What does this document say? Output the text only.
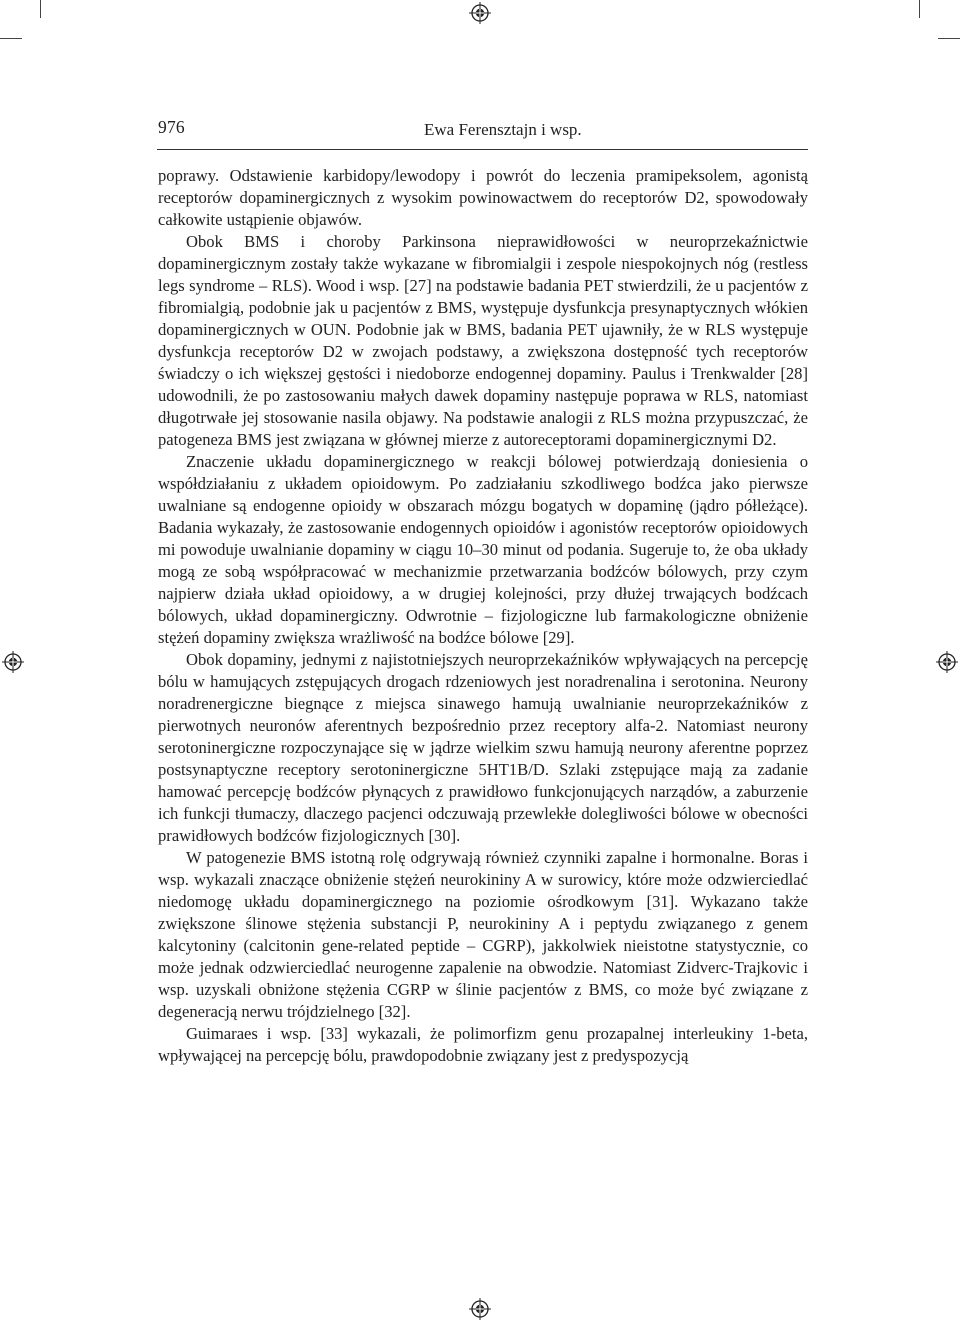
976	Ewa Ferensztajn i wsp.

poprawy. Odstawienie karbidopy/lewodopy i powrót do leczenia pramipeksolem, agonistą receptorów dopaminergicznych z wysokim powinowactwem do receptorów D2, spowodowały całkowite ustąpienie objawów.

Obok BMS i choroby Parkinsona nieprawidłowości w neuroprzekaźnictwie dopaminergicznym zostały także wykazane w fibromialgii i zespole niespokojnych nóg (restless legs syndrome – RLS). Wood i wsp. [27] na podstawie badania PET stwierdzili, że u pacjentów z fibromialgią, podobnie jak u pacjentów z BMS, występuje dysfunkcja presynaptycznych włókien dopaminergicznych w OUN. Podobnie jak w BMS, badania PET ujawniły, że w RLS występuje dysfunkcja receptorów D2 w zwojach podstawy, a zwiększona dostępność tych receptorów świadczy o ich większej gęstości i niedoborze endogennej dopaminy. Paulus i Trenkwalder [28] udowodnili, że po zastosowaniu małych dawek dopaminy następuje poprawa w RLS, natomiast długotrwałe jej stosowanie nasila objawy. Na podstawie analogii z RLS można przypuszczać, że patogeneza BMS jest związana w głównej mierze z autoreceptorami dopaminergicznymi D2.

Znaczenie układu dopaminergicznego w reakcji bólowej potwierdzają doniesienia o współdziałaniu z układem opioidowym. Po zadziałaniu szkodliwego bodźca jako pierwsze uwalniane są endogenne opioidy w obszarach mózgu bogatych w dopaminę (jądro półleżące). Badania wykazały, że zastosowanie endogennych opioidów i agonistów receptorów opioidowych mi powoduje uwalnianie dopaminy w ciągu 10–30 minut od podania. Sugeruje to, że oba układy mogą ze sobą współpracować w mechanizmie przetwarzania bodźców bólowych, przy czym najpierw działa układ opioidowy, a w drugiej kolejności, przy dłużej trwających bodźcach bólowych, układ dopaminergiczny. Odwrotnie – fizjologiczne lub farmakologiczne obniżenie stężeń dopaminy zwiększa wrażliwość na bodźce bólowe [29].

Obok dopaminy, jednymi z najistotniejszych neuroprzekaźników wpływających na percepcję bólu w hamujących zstępujących drogach rdzeniowych jest noradrenalina i serotonina. Neurony noradrenergiczne biegnące z miejsca sinawego hamują uwalnianie neuroprzekaźników z pierwotnych neuronów aferentnych bezpośrednio przez receptory alfa-2. Natomiast neurony serotoninergiczne rozpoczynające się w jądrze wielkim szwu hamują neurony aferentne poprzez postsynaptyczne receptory serotoninergiczne 5HT1B/D. Szlaki zstępujące mają za zadanie hamować percepcję bodźców płynących z prawidłowo funkcjonujących narządów, a zaburzenie ich funkcji tłumaczy, dlaczego pacjenci odczuwają przewlekłe dolegliwości bólowe w obecności prawidłowych bodźców fizjologicznych [30].

W patogenezie BMS istotną rolę odgrywają również czynniki zapalne i hormonalne. Boras i wsp. wykazali znaczące obniżenie stężeń neurokininy A w surowicy, które może odzwierciedlać niedomogę układu dopaminergicznego na poziomie ośrodkowym [31]. Wykazano także zwiększone ślinowe stężenia substancji P, neurokininy A i peptydu związanego z genem kalcytoniny (calcitonin gene-related peptide – CGRP), jakkolwiek nieistotne statystycznie, co może jednak odzwierciedlać neurogenne zapalenie na obwodzie. Natomiast Zidverc-Trajkovic i wsp. uzyskali obniżone stężenia CGRP w ślinie pacjentów z BMS, co może być związane z degeneracją nerwu trójdzielnego [32].

Guimaraes i wsp. [33] wykazali, że polimorfizm genu prozapalnej interleukiny 1-beta, wpływającej na percepcję bólu, prawdopodobnie związany jest z predyspozycją
